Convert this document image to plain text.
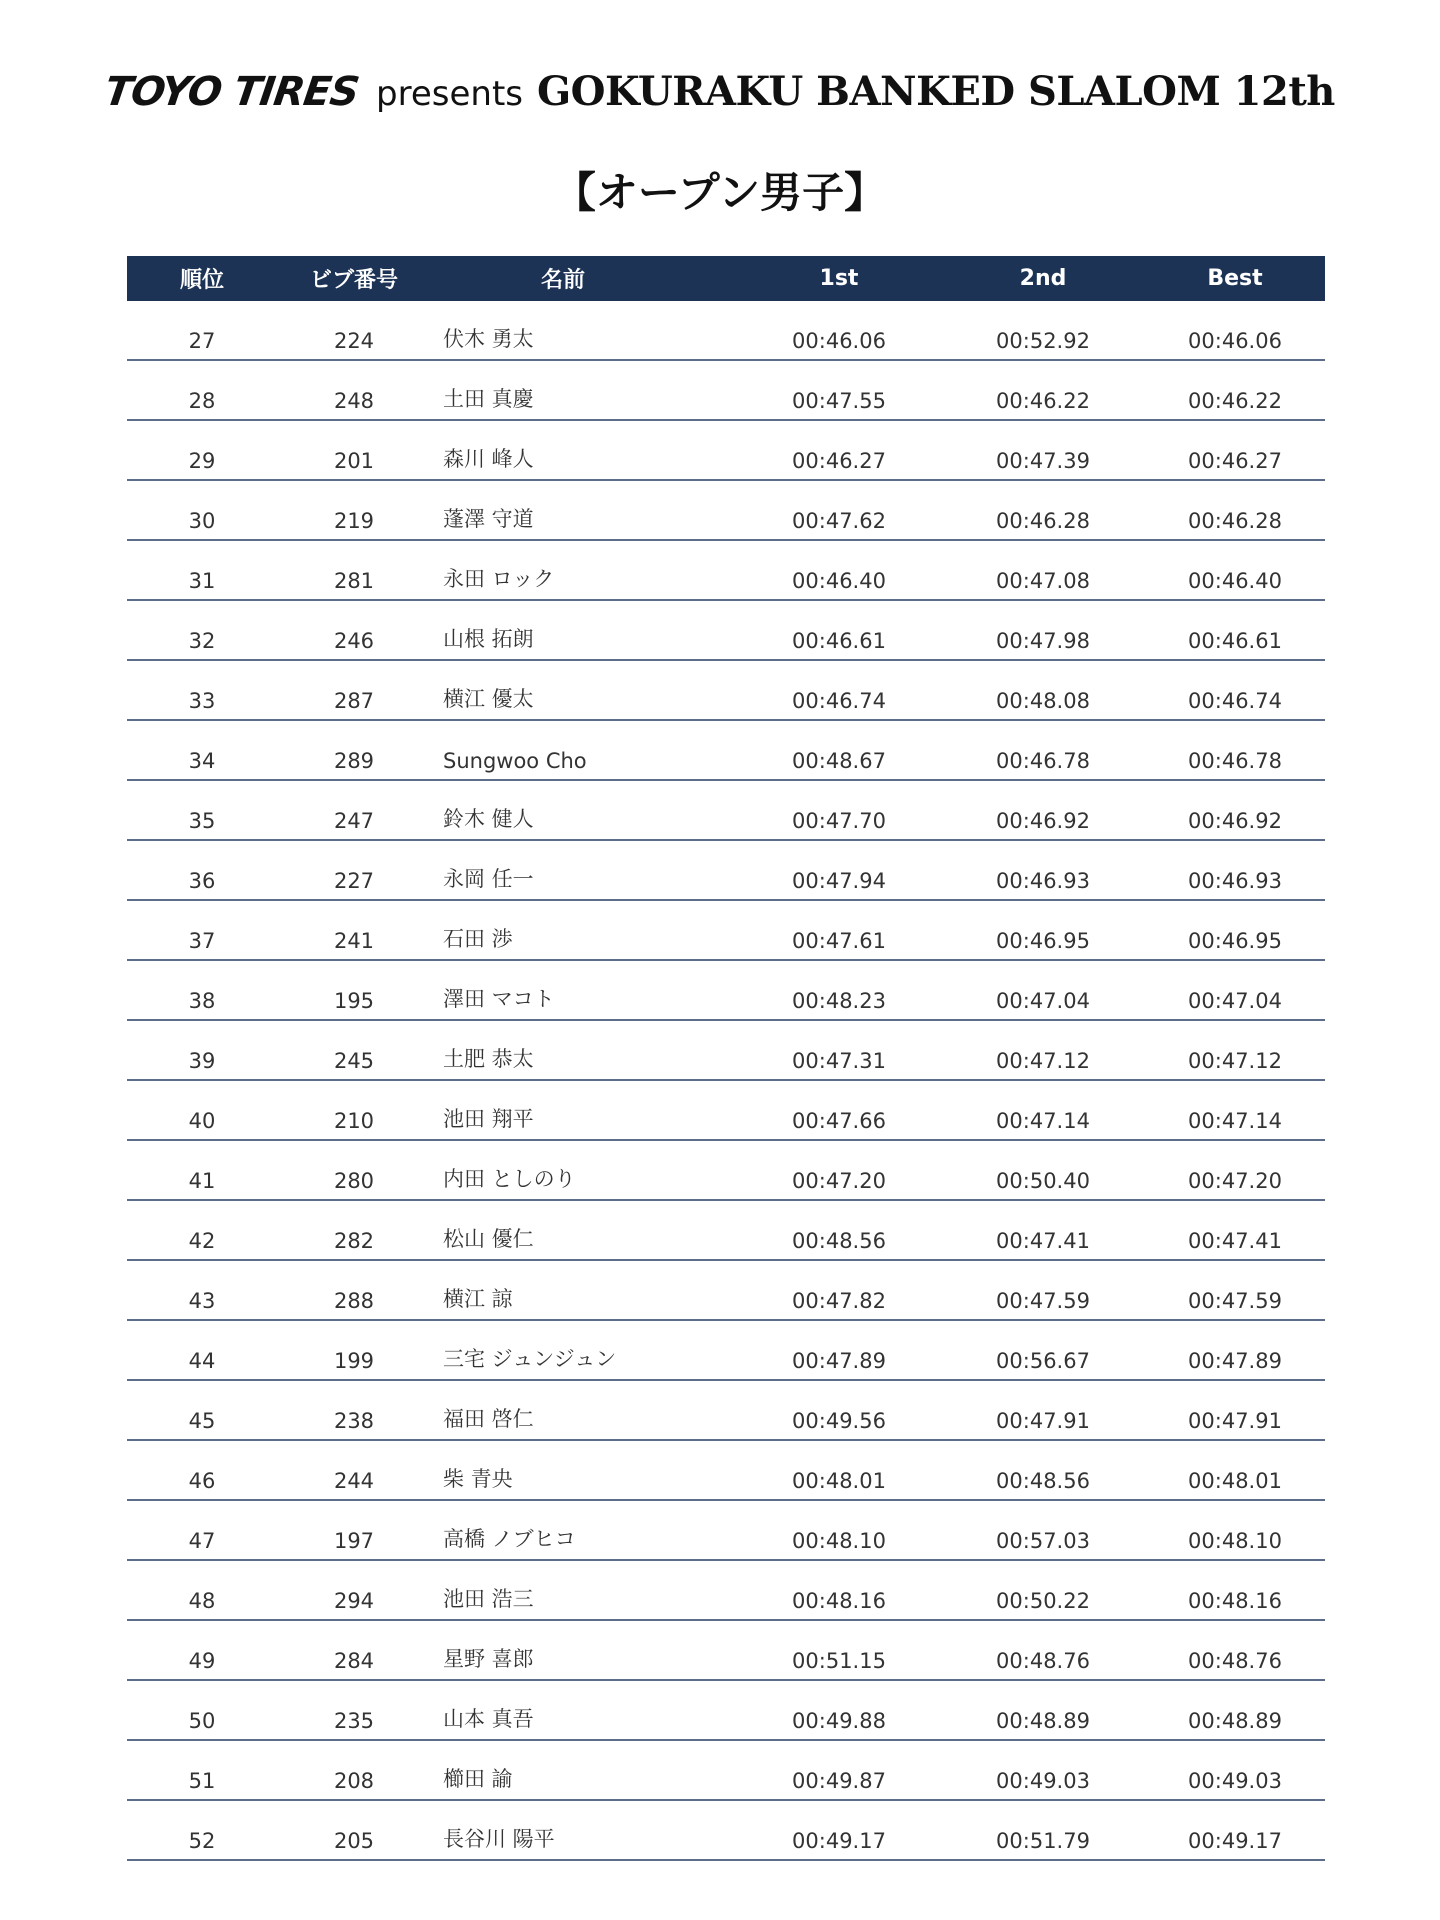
TOYO TIRES presents GOKURAKU BANKED SLALOM 12th
【オープン男子】
順位	ビブ番号	名前	1st	2nd	Best
27	224	伏木 勇太	00:46.06	00:52.92	00:46.06
28	248	土田 真慶	00:47.55	00:46.22	00:46.22
29	201	森川 峰人	00:46.27	00:47.39	00:46.27
30	219	蓬澤 守道	00:47.62	00:46.28	00:46.28
31	281	永田 ロック	00:46.40	00:47.08	00:46.40
32	246	山根 拓朗	00:46.61	00:47.98	00:46.61
33	287	横江 優太	00:46.74	00:48.08	00:46.74
34	289	Sungwoo Cho	00:48.67	00:46.78	00:46.78
35	247	鈴木 健人	00:47.70	00:46.92	00:46.92
36	227	永岡 任一	00:47.94	00:46.93	00:46.93
37	241	石田 渉	00:47.61	00:46.95	00:46.95
38	195	澤田 マコト	00:48.23	00:47.04	00:47.04
39	245	土肥 恭太	00:47.31	00:47.12	00:47.12
40	210	池田 翔平	00:47.66	00:47.14	00:47.14
41	280	内田 としのり	00:47.20	00:50.40	00:47.20
42	282	松山 優仁	00:48.56	00:47.41	00:47.41
43	288	横江 諒	00:47.82	00:47.59	00:47.59
44	199	三宅 ジュンジュン	00:47.89	00:56.67	00:47.89
45	238	福田 啓仁	00:49.56	00:47.91	00:47.91
46	244	柴 青央	00:48.01	00:48.56	00:48.01
47	197	高橋 ノブヒコ	00:48.10	00:57.03	00:48.10
48	294	池田 浩三	00:48.16	00:50.22	00:48.16
49	284	星野 喜郎	00:51.15	00:48.76	00:48.76
50	235	山本 真吾	00:49.88	00:48.89	00:48.89
51	208	櫛田 諭	00:49.87	00:49.03	00:49.03
52	205	長谷川 陽平	00:49.17	00:51.79	00:49.17
